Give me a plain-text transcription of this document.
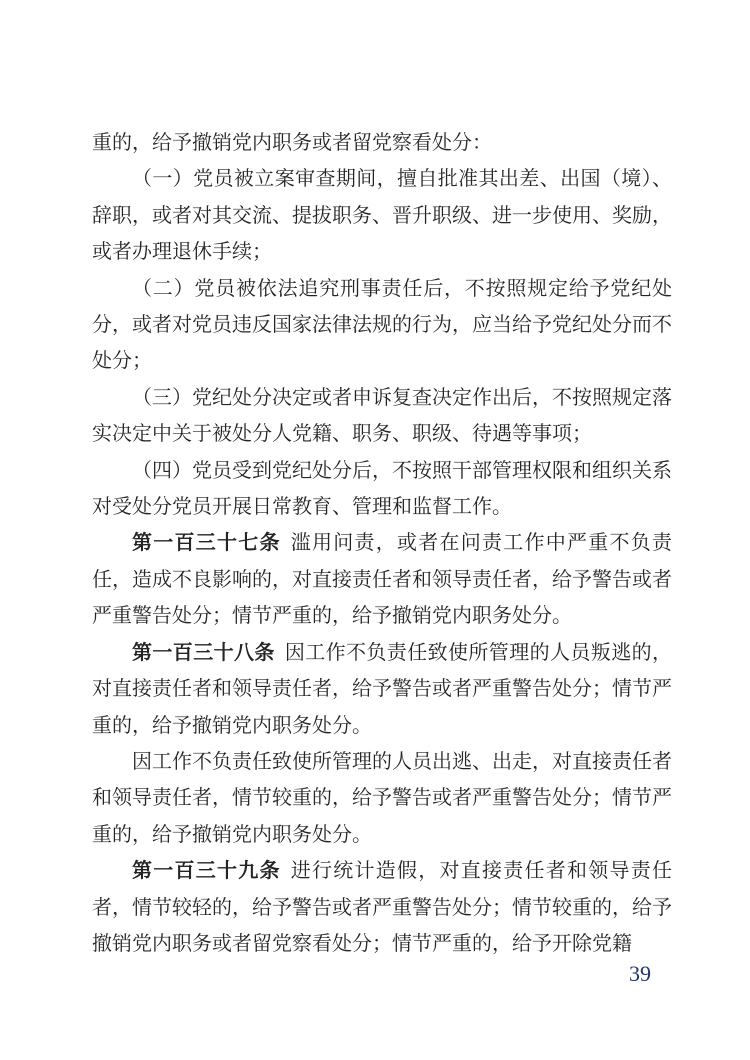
重的，给予撤销党内职务或者留党察看处分：

（一）党员被立案审查期间，擅自批准其出差、出国（境）、辞职，或者对其交流、提拔职务、晋升职级、进一步使用、奖励，或者办理退休手续；

（二）党员被依法追究刑事责任后，不按照规定给予党纪处分，或者对党员违反国家法律法规的行为，应当给予党纪处分而不处分；

（三）党纪处分决定或者申诉复查决定作出后，不按照规定落实决定中关于被处分人党籍、职务、职级、待遇等事项；

（四）党员受到党纪处分后，不按照干部管理权限和组织关系对受处分党员开展日常教育、管理和监督工作。

第一百三十七条 滥用问责，或者在问责工作中严重不负责任，造成不良影响的，对直接责任者和领导责任者，给予警告或者严重警告处分；情节严重的，给予撤销党内职务处分。

第一百三十八条 因工作不负责任致使所管理的人员叛逃的，对直接责任者和领导责任者，给予警告或者严重警告处分；情节严重的，给予撤销党内职务处分。

因工作不负责任致使所管理的人员出逃、出走，对直接责任者和领导责任者，情节较重的，给予警告或者严重警告处分；情节严重的，给予撤销党内职务处分。

第一百三十九条 进行统计造假，对直接责任者和领导责任者，情节较轻的，给予警告或者严重警告处分；情节较重的，给予撤销党内职务或者留党察看处分；情节严重的，给予开除党籍

39
